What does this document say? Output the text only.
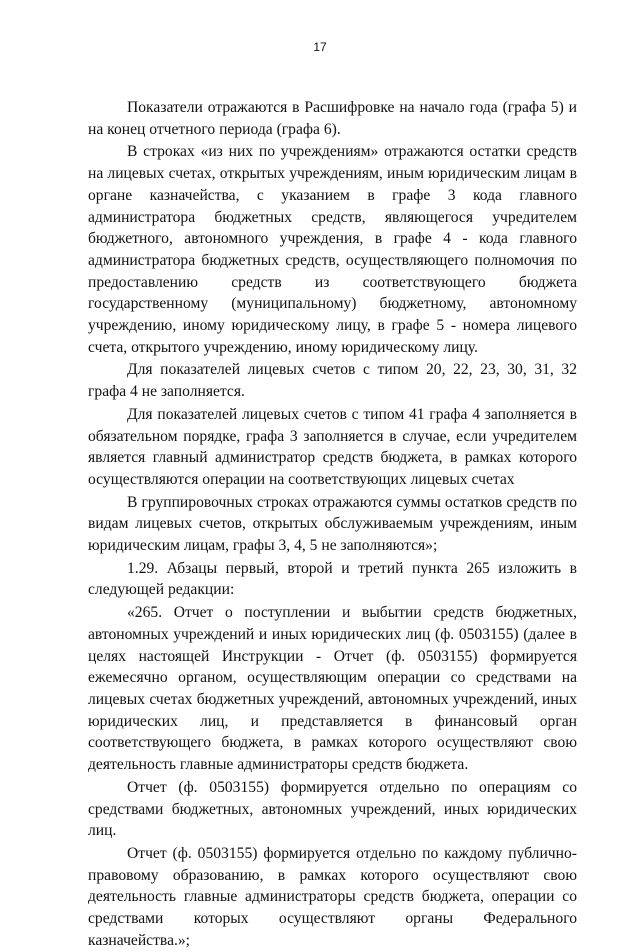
17

Показатели отражаются в Расшифровке на начало года (графа 5) и на конец отчетного периода (графа 6).

В строках «из них по учреждениям» отражаются остатки средств на лицевых счетах, открытых учреждениям, иным юридическим лицам в органе казначейства, с указанием в графе 3 кода главного администратора бюджетных средств, являющегося учредителем бюджетного, автономного учреждения, в графе 4 - кода главного администратора бюджетных средств, осуществляющего полномочия по предоставлению средств из соответствующего бюджета государственному (муниципальному) бюджетному, автономному учреждению, иному юридическому лицу, в графе 5 - номера лицевого счета, открытого учреждению, иному юридическому лицу.

Для показателей лицевых счетов с типом 20, 22, 23, 30, 31, 32 графа 4 не заполняется.

Для показателей лицевых счетов с типом 41 графа 4 заполняется в обязательном порядке, графа 3 заполняется в случае, если учредителем является главный администратор средств бюджета, в рамках которого осуществляются операции на соответствующих лицевых счетах

В группировочных строках отражаются суммы остатков средств по видам лицевых счетов, открытых обслуживаемым учреждениям, иным юридическим лицам, графы 3, 4, 5 не заполняются»;

1.29. Абзацы первый, второй и третий пункта 265 изложить в следующей редакции:

«265. Отчет о поступлении и выбытии средств бюджетных, автономных учреждений и иных юридических лиц (ф. 0503155) (далее в целях настоящей Инструкции - Отчет (ф. 0503155) формируется ежемесячно органом, осуществляющим операции со средствами на лицевых счетах бюджетных учреждений, автономных учреждений, иных юридических лиц, и представляется в финансовый орган соответствующего бюджета, в рамках которого осуществляют свою деятельность главные администраторы средств бюджета.

Отчет (ф. 0503155) формируется отдельно по операциям со средствами бюджетных, автономных учреждений, иных юридических лиц.

Отчет (ф. 0503155) формируется отдельно по каждому публично-правовому образованию, в рамках которого осуществляют свою деятельность главные администраторы средств бюджета, операции со средствами которых осуществляют органы Федерального казначейства.»;
